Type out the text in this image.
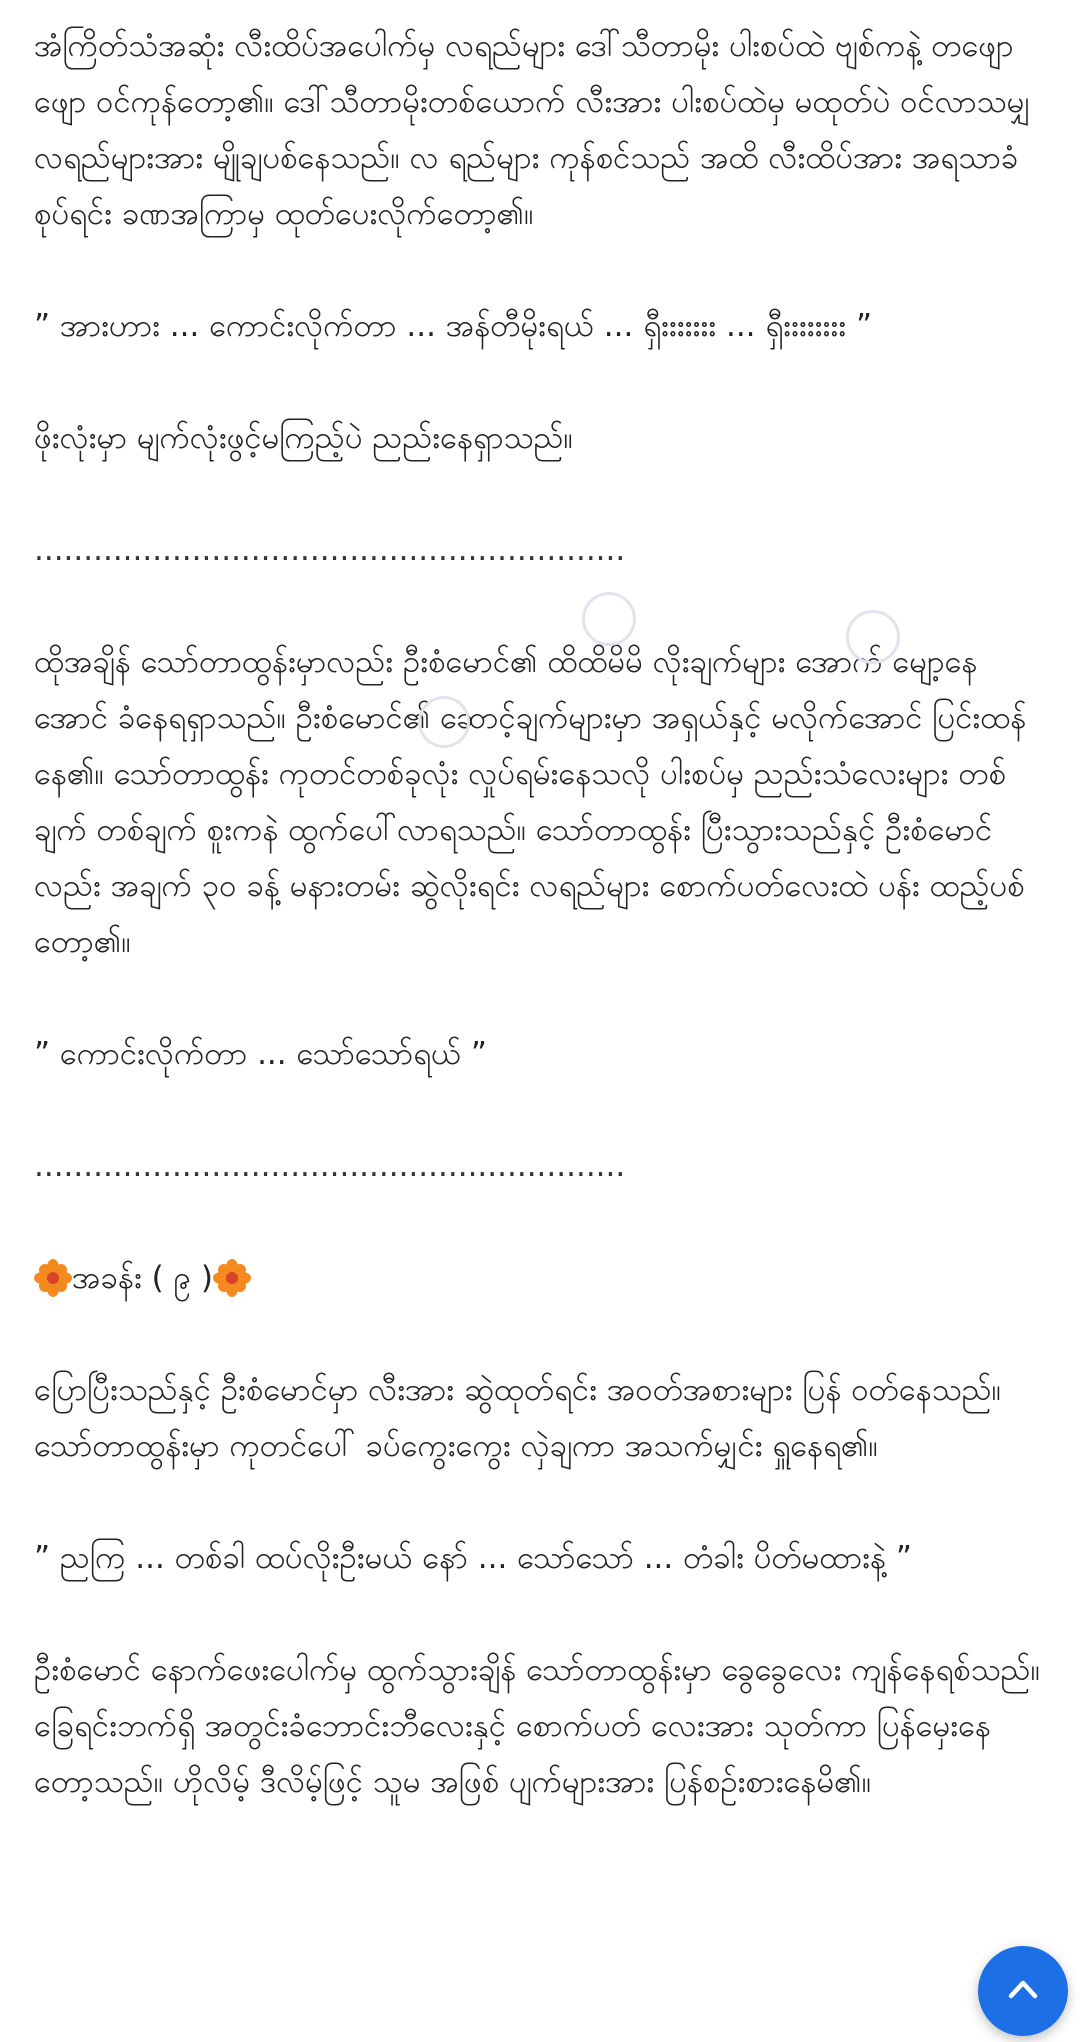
အံကြိတ်သံအဆုံး လီးထိပ်အပေါက်မှ လရည်များ ဒေါ်သီတာမိုး ပါးစပ်ထဲ ဗျစ်ကနဲ့ တဖျောဖျော ဝင်ကုန်တော့၏။ ဒေါ်သီတာမိုးတစ်ယောက် လီးအား ပါးစပ်ထဲမှ မထုတ်ပဲ ဝင်လာသမျှ လရည်များအား မျိုချပစ်နေသည်။ လ ရည်များ ကုန်စင်သည် အထိ လီးထိပ်အား အရသာခံစုပ်ရင်း ခဏအကြာမှ ထုတ်ပေးလိုက်တော့၏။

” အားဟား ... ကောင်းလိုက်တာ ... အန်တီမိုးရယ် ... ရှီးးးးးးး ... ရှီးးးးးးးး ”

ဖိုးလုံးမှာ မျက်လုံးဖွင့်မကြည့်ပဲ ညည်းနေရှာသည်။

............................................................

ထိုအချိန် သော်တာထွန်းမှာလည်း ဦးစံမောင်၏ ထိထိမိမိ လိုးချက်များ အောက် မျော့နေအောင် ခံနေရရှာသည်။ ဦးစံမောင်၏ ဆောင့်ချက်များမှာ အရှယ်နှင့် မလိုက်အောင် ပြင်းထန်နေ၏။ သော်တာထွန်း ကုတင်တစ်ခုလုံး လှုပ်ရမ်းနေသလို ပါးစပ်မှ ညည်းသံလေးများ တစ်ချက် တစ်ချက် စူးကနဲ ထွက်ပေါ်လာရသည်။ သော်တာထွန်း ပြီးသွားသည်နှင့် ဦးစံမောင်လည်း အချက် ၃၀ ခန့် မနားတမ်း ဆွဲလိုးရင်း လရည်များ စောက်ပတ်လေးထဲ ပန်း ထည့်ပစ်တော့၏။

” ကောင်းလိုက်တာ ... သော်သော်ရယ် ”

............................................................
အခန်း ( ၉ )

ပြောပြီးသည်နှင့် ဦးစံမောင်မှာ လီးအား ဆွဲထုတ်ရင်း အဝတ်အစားများ ပြန် ဝတ်နေသည်။ သော်တာထွန်းမှာ ကုတင်ပေါ် ခပ်ကွေးကွေး လှဲချကာ အသက်မျှင်း ရှူနေရ၏။

” ညကြ ... တစ်ခါ ထပ်လိုးဦးမယ် နော် ... သော်သော် ... တံခါး ပိတ်မထားနဲ့ ”

ဦးစံမောင် နောက်ဖေးပေါက်မှ ထွက်သွားချိန် သော်တာထွန်းမှာ ခွေခွေလေး ကျန်နေရစ်သည်။ ခြေရင်းဘက်ရှိ အတွင်းခံဘောင်းဘီလေးနှင့် စောက်ပတ် လေးအား သုတ်ကာ ပြန်မှေးနေတော့သည်။ ဟိုလိမ့် ဒီလိမ့်ဖြင့် သူမ အဖြစ် ပျက်များအား ပြန်စဉ်းစားနေမိ၏။
